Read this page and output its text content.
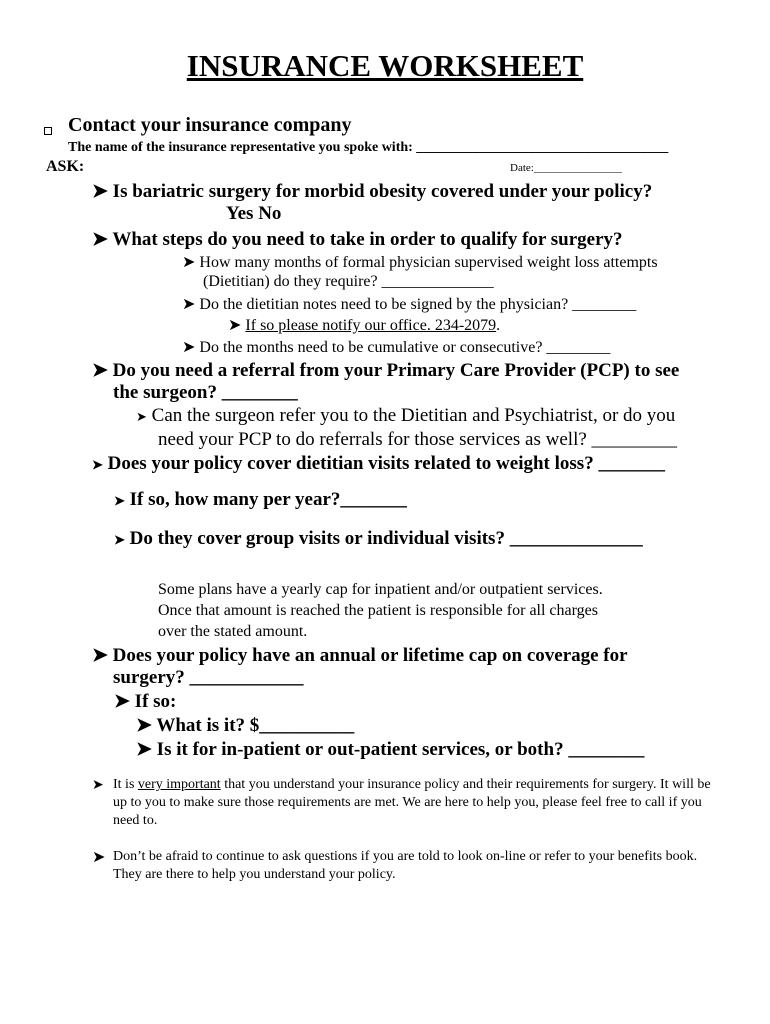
INSURANCE WORKSHEET
Contact your insurance company
The name of the insurance representative you spoke with: ____________________________________
ASK:	Date:________________
➤ Is bariatric surgery for morbid obesity covered under your policy?
Yes No
➤ What steps do you need to take in order to qualify for surgery?
➤ How many months of formal physician supervised weight loss attempts
(Dietitian) do they require? ______________
➤ Do the dietitian notes need to be signed by the physician? ________
➤ If so please notify our office. 234-2079.
➤ Do the months need to be cumulative or consecutive? ________
➤ Do you need a referral from your Primary Care Provider (PCP) to see
the surgeon? ________
➤ Can the surgeon refer you to the Dietitian and Psychiatrist, or do you
need your PCP to do referrals for those services as well? _________
➤ Does your policy cover dietitian visits related to weight loss? _______
➤ If so, how many per year?_______
➤ Do they cover group visits or individual visits? ______________
Some plans have a yearly cap for inpatient and/or outpatient services.
Once that amount is reached the patient is responsible for all charges
over the stated amount.
➤ Does your policy have an annual or lifetime cap on coverage for
surgery? ____________
➤ If so:
➤ What is it? $__________
➤ Is it for in-patient or out-patient services, or both? ________
➤ It is very important that you understand your insurance policy and their requirements for surgery. It will be up to you to make sure those requirements are met. We are here to help you, please feel free to call if you need to.
➤ Don’t be afraid to continue to ask questions if you are told to look on-line or refer to your benefits book. They are there to help you understand your policy.
